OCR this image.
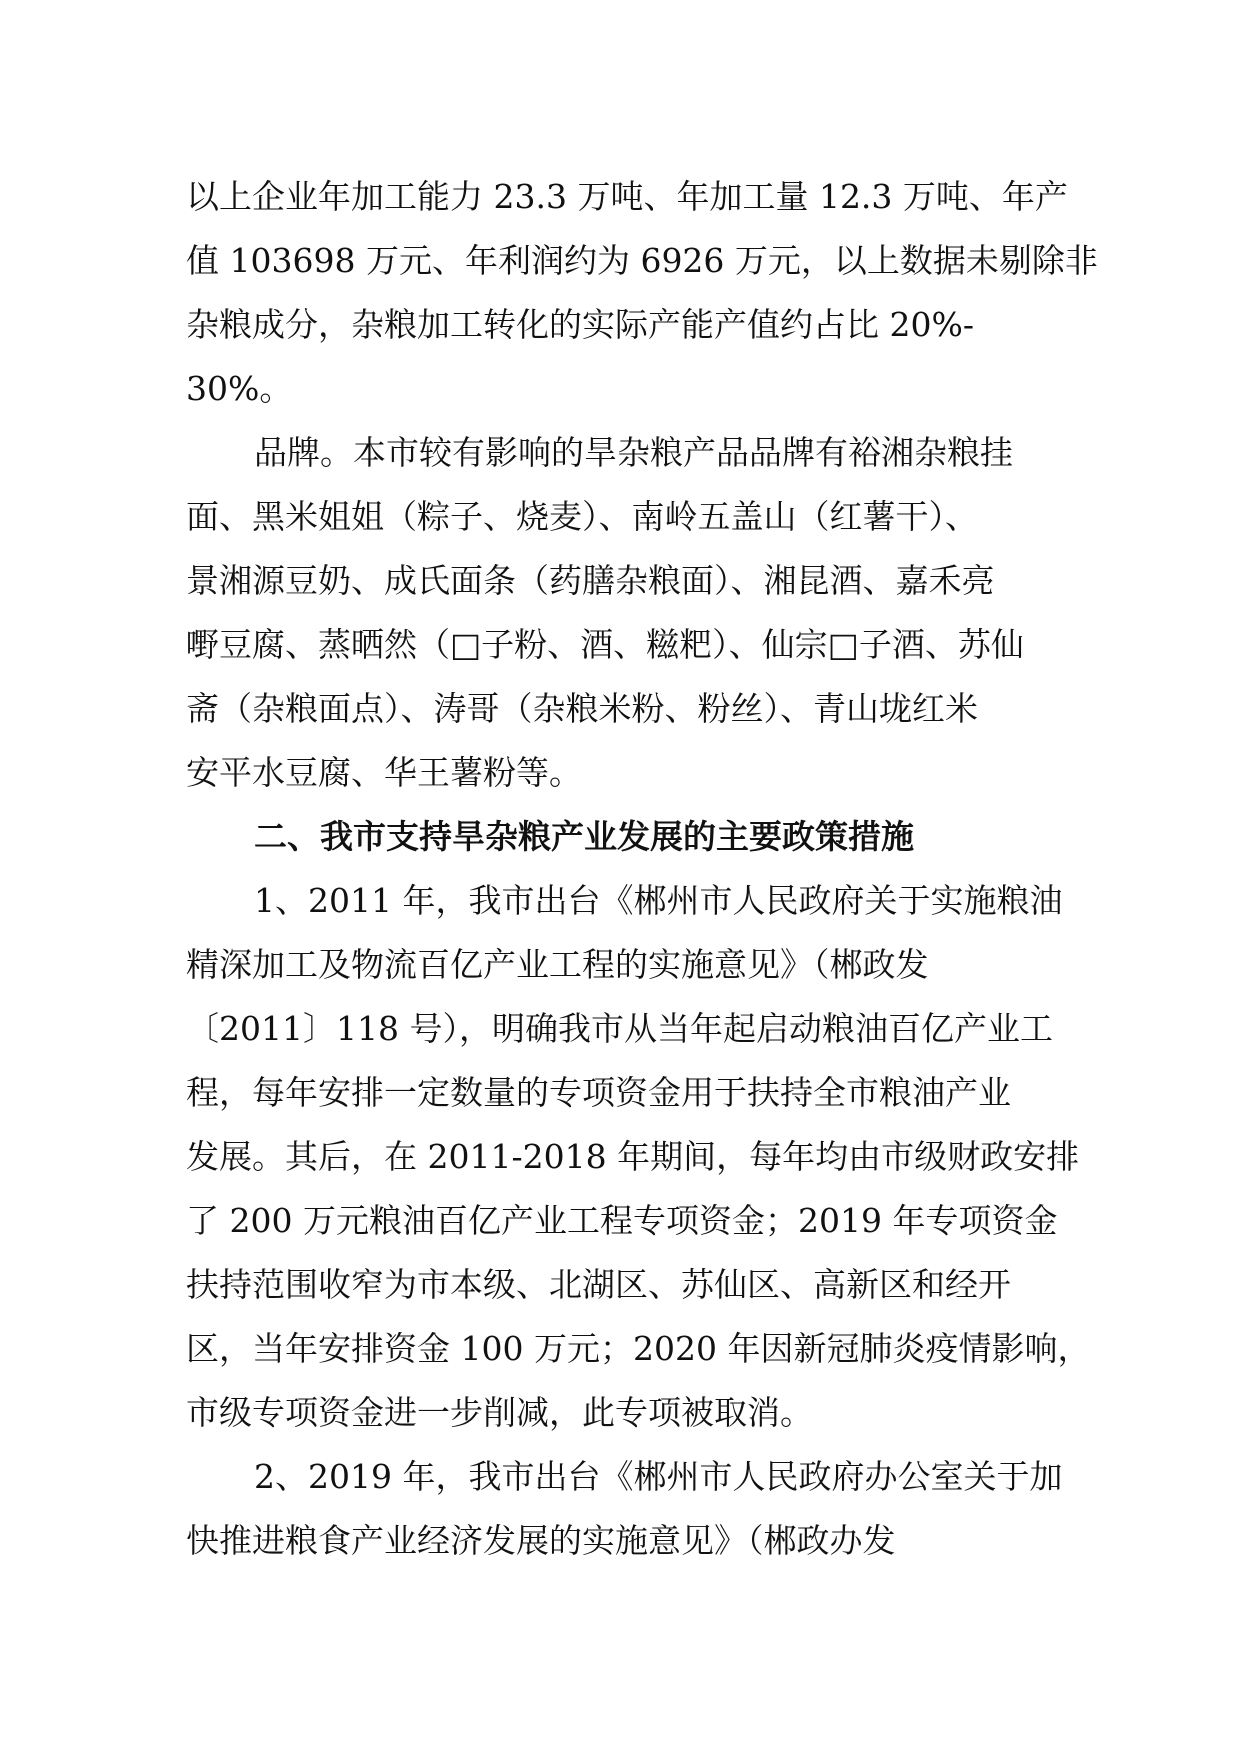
以上企业年加工能力 23.3 万吨、年加工量 12.3 万吨、年产
值 103698 万元、年利润约为 6926 万元，以上数据未剔除非
杂粮成分，杂粮加工转化的实际产能产值约占比 20%-
30%。
品牌。本市较有影响的旱杂粮产品品牌有裕湘杂粮挂
面、黑米姐姐（粽子、烧麦）、南岭五盖山（红薯干）、
景湘源豆奶、成氏面条（药膳杂粮面）、湘昆酒、嘉禾亮
嘢豆腐、蒸晒然（□子粉、酒、糍粑）、仙宗□子酒、苏仙
斋（杂粮面点）、涛哥（杂粮米粉、粉丝）、青山垅红米
安平水豆腐、华王薯粉等。
二、我市支持旱杂粮产业发展的主要政策措施
1、2011 年，我市出台《郴州市人民政府关于实施粮油
精深加工及物流百亿产业工程的实施意见》（郴政发
〔2011〕118 号），明确我市从当年起启动粮油百亿产业工
程，每年安排一定数量的专项资金用于扶持全市粮油产业
发展。其后，在 2011-2018 年期间，每年均由市级财政安排
了 200 万元粮油百亿产业工程专项资金；2019 年专项资金
扶持范围收窄为市本级、北湖区、苏仙区、高新区和经开
区，当年安排资金 100 万元；2020 年因新冠肺炎疫情影响，
市级专项资金进一步削减，此专项被取消。
2、2019 年，我市出台《郴州市人民政府办公室关于加
快推进粮食产业经济发展的实施意见》（郴政办发
